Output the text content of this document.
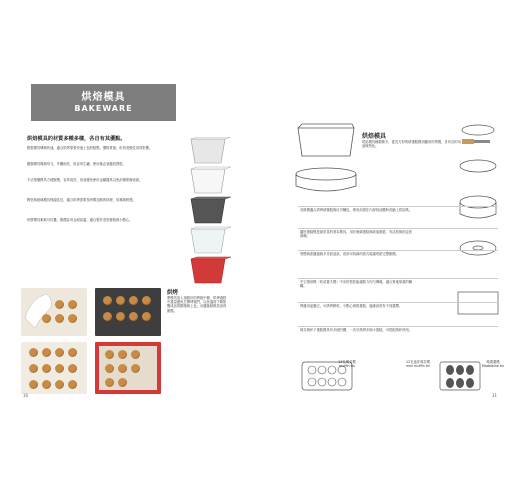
烘焙模具
BAKEWARE
烘焙模具的材質多種多樣，各自有其優點。
鋁製模具傳熱快速，適合烘烤需要快速上色的糕點，價格實惠，但易受酸性食材影響。
鍍錫模具導熱均勻，外觀明亮，但容易生鏽，使用後必須徹底擦乾。
不沾塗層模具方便脫模，容易清洗，但須避免使用金屬器具以免刮傷塗層表面。
陶瓷與玻璃模具保溫性佳，適合烘烤需要長時間加熱的料理，但導熱較慢。
矽膠模具柔軟可折疊，脫模容易且耐高溫，適合製作造型蛋糕與小點心。
烘烤
將模具放入預熱好的烤箱中層，烘烤過程中盡量避免打開烤箱門，以免溫度下降影響成品的膨脹與上色。出爐後稍微放涼再脫模。
30
烘焙模具
烘焙模具種類繁多，從長方形的磅蛋糕模到圓形的塔模，各有各的用途與特色。
長條模適合烘烤磅蛋糕與吐司麵包，使用前需在內部抹油撒粉或鋪上烘焙紙。
圓形蛋糕模是最常見的基本模具，用於海綿蛋糕與戚風蛋糕，有活底與固定底兩種。
塔模與派盤邊緣多呈波浪狀，底部可拆卸的款式能讓塔派完整脫模。
中空環形模（咕咕霍夫模）中央的管柱能讓熱力均勻傳導，適合質地厚重的麵糊。
烤盤用途廣泛，可烘烤餅乾、小點心與捲蛋糕，邊緣高度有不同選擇。
瑪芬與杯子蛋糕模具有多個凹槽，一次可烘烤多個小蛋糕，可搭配紙杯使用。
12孔瑪芬模
muffin tin
12孔迷你瑪芬模
mini muffin tin
瑪德蓮模
Madeleine tin
31
